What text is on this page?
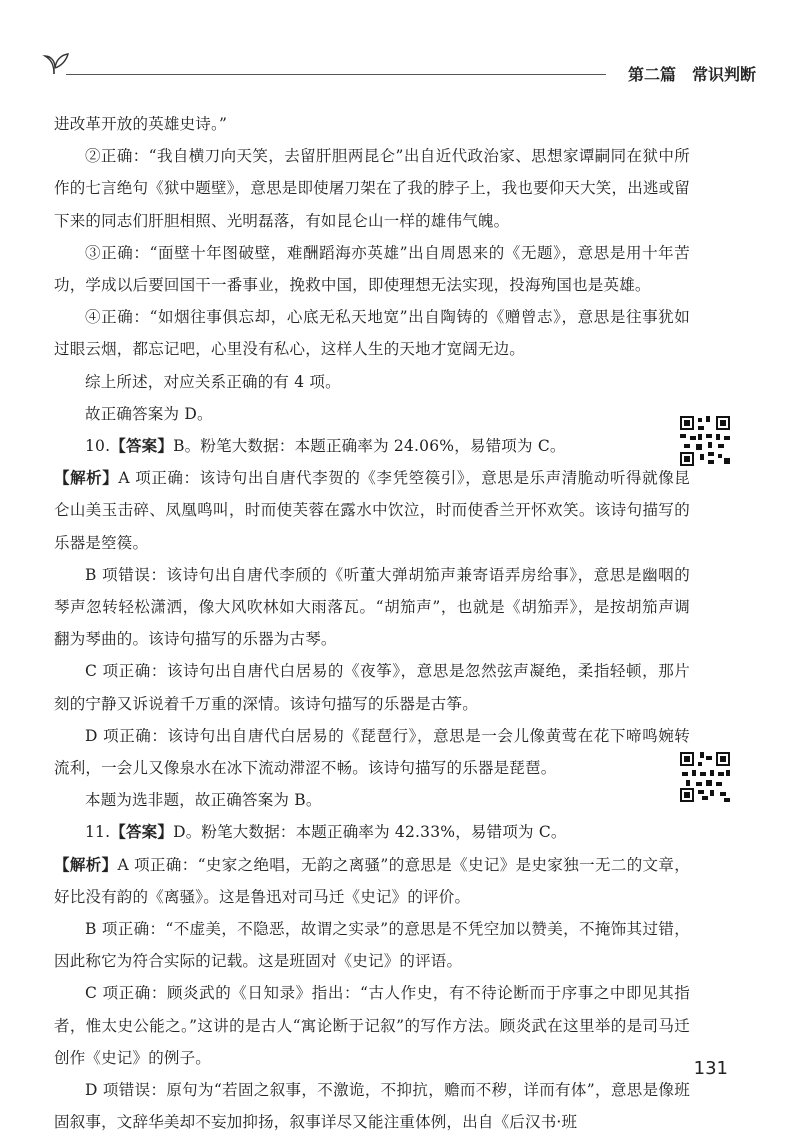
第二篇　常识判断

进改革开放的英雄史诗。”

②正确：“我自横刀向天笑，去留肝胆两昆仑”出自近代政治家、思想家谭嗣同在狱中所作的七言绝句《狱中题壁》，意思是即使屠刀架在了我的脖子上，我也要仰天大笑，出逃或留下来的同志们肝胆相照、光明磊落，有如昆仑山一样的雄伟气魄。

③正确：“面壁十年图破壁，难酬蹈海亦英雄”出自周恩来的《无题》，意思是用十年苦功，学成以后要回国干一番事业，挽救中国，即使理想无法实现，投海殉国也是英雄。

④正确：“如烟往事俱忘却，心底无私天地宽”出自陶铸的《赠曾志》，意思是往事犹如过眼云烟，都忘记吧，心里没有私心，这样人生的天地才宽阔无边。

综上所述，对应关系正确的有 4 项。

故正确答案为 D。

10.【答案】B。粉笔大数据：本题正确率为 24.06%，易错项为 C。

【解析】A 项正确：该诗句出自唐代李贺的《李凭箜篌引》，意思是乐声清脆动听得就像昆仑山美玉击碎、凤凰鸣叫，时而使芙蓉在露水中饮泣，时而使香兰开怀欢笑。该诗句描写的乐器是箜篌。

B 项错误：该诗句出自唐代李颀的《听董大弹胡笳声兼寄语弄房给事》，意思是幽咽的琴声忽转轻松潇洒，像大风吹林如大雨落瓦。“胡笳声”，也就是《胡笳弄》，是按胡笳声调翻为琴曲的。该诗句描写的乐器为古琴。

C 项正确：该诗句出自唐代白居易的《夜筝》，意思是忽然弦声凝绝，柔指轻顿，那片刻的宁静又诉说着千万重的深情。该诗句描写的乐器是古筝。

D 项正确：该诗句出自唐代白居易的《琵琶行》，意思是一会儿像黄莺在花下啼鸣婉转流利，一会儿又像泉水在冰下流动滞涩不畅。该诗句描写的乐器是琵琶。

本题为选非题，故正确答案为 B。

11.【答案】D。粉笔大数据：本题正确率为 42.33%，易错项为 C。

【解析】A 项正确：“史家之绝唱，无韵之离骚”的意思是《史记》是史家独一无二的文章，好比没有韵的《离骚》。这是鲁迅对司马迁《史记》的评价。

B 项正确：“不虚美，不隐恶，故谓之实录”的意思是不凭空加以赞美，不掩饰其过错，因此称它为符合实际的记载。这是班固对《史记》的评语。

C 项正确：顾炎武的《日知录》指出：“古人作史，有不待论断而于序事之中即见其指者，惟太史公能之。”这讲的是古人“寓论断于记叙”的写作方法。顾炎武在这里举的是司马迁创作《史记》的例子。

D 项错误：原句为“若固之叙事，不激诡，不抑抗，赡而不秽，详而有体”，意思是像班固叙事，文辞华美却不妄加抑扬，叙事详尽又能注重体例，出自《后汉书·班

131
